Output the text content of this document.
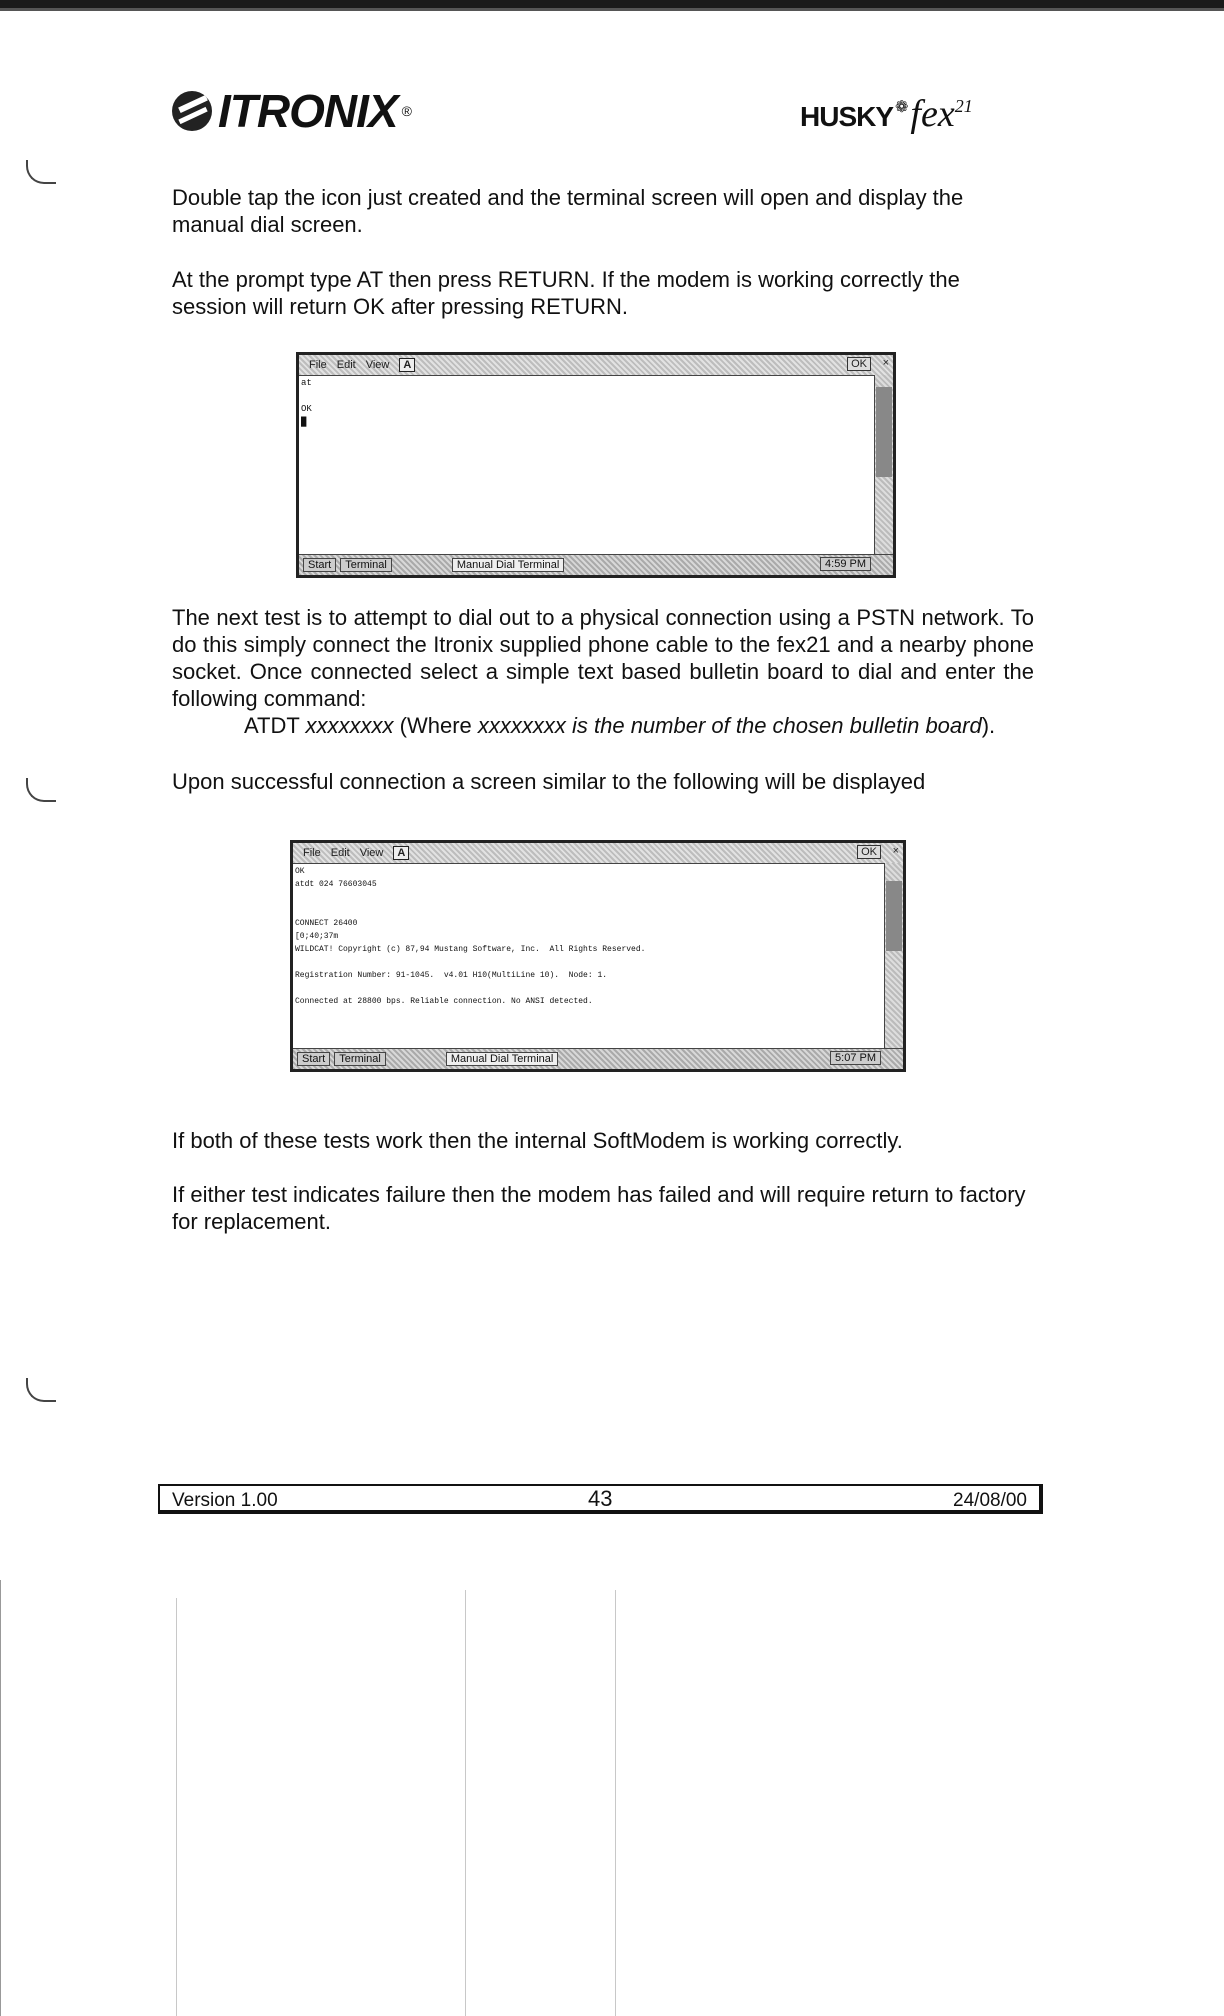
ITRONIX ®	HUSKY ❁ fex 21
Double tap the icon just created and the terminal screen will open and display the manual dial screen.
At the prompt type AT then press RETURN. If the modem is working correctly the session will return OK after pressing RETURN.
File Edit View	A	OK	×
at

OK
█
Start	Terminal	Manual Dial Terminal	4:59 PM
The next test is to attempt to dial out to a physical connection using a PSTN network. To do this simply connect the Itronix supplied phone cable to the fex21 and a nearby phone socket. Once connected select a simple text based bulletin board to dial and enter the following command:
ATDT xxxxxxxx (Where xxxxxxxx is the number of the chosen bulletin board).
Upon successful connection a screen similar to the following will be displayed
File Edit View	A	OK	×
OK
atdt 024 76603045

CONNECT 26400
[0;40;37m
WILDCAT! Copyright (c) 87,94 Mustang Software, Inc.  All Rights Reserved.

Registration Number: 91-1045.  v4.01 H10(MultiLine 10).  Node: 1.

Connected at 28800 bps. Reliable connection. No ANSI detected.
Start	Terminal	Manual Dial Terminal	5:07 PM
If both of these tests work then the internal SoftModem is working correctly.
If either test indicates failure then the modem has failed and will require return to factory for replacement.
Version 1.00	43	24/08/00
